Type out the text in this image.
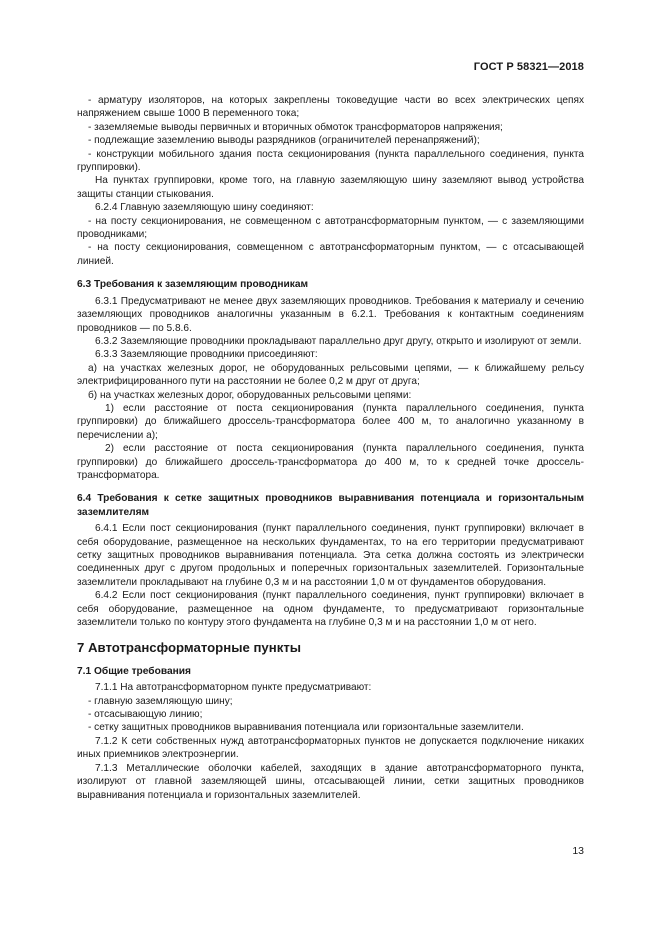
ГОСТ Р 58321—2018

- арматуру изоляторов, на которых закреплены токоведущие части во всех электрических цепях напряжением свыше 1000 В переменного тока;

- заземляемые выводы первичных и вторичных обмоток трансформаторов напряжения;

- подлежащие заземлению выводы разрядников (ограничителей перенапряжений);

- конструкции мобильного здания поста секционирования (пункта параллельного соединения, пункта группировки).

На пунктах группировки, кроме того, на главную заземляющую шину заземляют вывод устройства защиты станции стыкования.

6.2.4 Главную заземляющую шину соединяют:

- на посту секционирования, не совмещенном с автотрансформаторным пунктом, — с заземляющими проводниками;

- на посту секционирования, совмещенном с автотрансформаторным пунктом, — с отсасывающей линией.

6.3 Требования к заземляющим проводникам

6.3.1 Предусматривают не менее двух заземляющих проводников. Требования к материалу и сечению заземляющих проводников аналогичны указанным в 6.2.1. Требования к контактным соединениям проводников — по 5.8.6.

6.3.2 Заземляющие проводники прокладывают параллельно друг другу, открыто и изолируют от земли.

6.3.3 Заземляющие проводники присоединяют:

а) на участках железных дорог, не оборудованных рельсовыми цепями, — к ближайшему рельсу электрифицированного пути на расстоянии не более 0,2 м друг от друга;

б) на участках железных дорог, оборудованных рельсовыми цепями:

1) если расстояние от поста секционирования (пункта параллельного соединения, пункта группировки) до ближайшего дроссель-трансформатора более 400 м, то аналогично указанному в перечислении а);

2) если расстояние от поста секционирования (пункта параллельного соединения, пункта группировки) до ближайшего дроссель-трансформатора до 400 м, то к средней точке дроссель-трансформатора.

6.4 Требования к сетке защитных проводников выравнивания потенциала и горизонтальным заземлителям

6.4.1 Если пост секционирования (пункт параллельного соединения, пункт группировки) включает в себя оборудование, размещенное на нескольких фундаментах, то на его территории предусматривают сетку защитных проводников выравнивания потенциала. Эта сетка должна состоять из электрически соединенных друг с другом продольных и поперечных горизонтальных заземлителей. Горизонтальные заземлители прокладывают на глубине 0,3 м и на расстоянии 1,0 м от фундаментов оборудования.

6.4.2 Если пост секционирования (пункт параллельного соединения, пункт группировки) включает в себя оборудование, размещенное на одном фундаменте, то предусматривают горизонтальные заземлители только по контуру этого фундамента на глубине 0,3 м и на расстоянии 1,0 м от него.

7 Автотрансформаторные пункты

7.1 Общие требования

7.1.1 На автотрансформаторном пункте предусматривают:

- главную заземляющую шину;

- отсасывающую линию;

- сетку защитных проводников выравнивания потенциала или горизонтальные заземлители.

7.1.2 К сети собственных нужд автотрансформаторных пунктов не допускается подключение никаких иных приемников электроэнергии.

7.1.3 Металлические оболочки кабелей, заходящих в здание автотрансформаторного пункта, изолируют от главной заземляющей шины, отсасывающей линии, сетки защитных проводников выравнивания потенциала и горизонтальных заземлителей.

13
